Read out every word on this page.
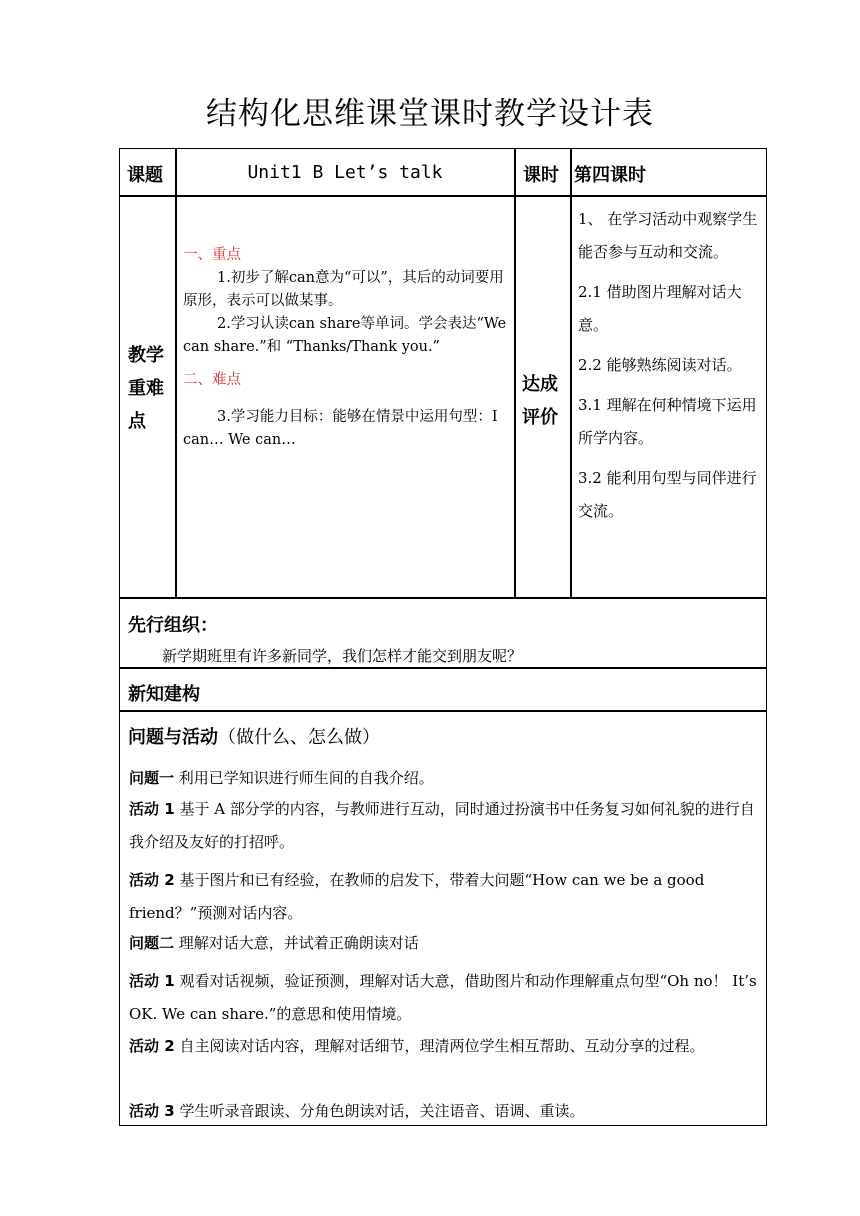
结构化思维课堂课时教学设计表
课题	Unit1 B Let’s talk	课时 第四课时
教学
重难
点
一、重点
1.初步了解can意为“可以”，其后的动词要用原形，表示可以做某事。
2.学习认读can share等单词。学会表达“We can share.”和 “Thanks/Thank you.”
二、难点
3.学习能力目标：能够在情景中运用句型：I can… We can…
达成
评价

1、 在学习活动中观察学生能否参与互动和交流。

2.1 借助图片理解对话大意。

2.2 能够熟练阅读对话。

3.1 理解在何种情境下运用所学内容。

3.2 能利用句型与同伴进行交流。

先行组织：
新学期班里有许多新同学，我们怎样才能交到朋友呢？
新知建构
问题与活动（做什么、怎么做）
问题一 利用已学知识进行师生间的自我介绍。
活动 1 基于 A 部分学的内容，与教师进行互动，同时通过扮演书中任务复习如何礼貌的进行自我介绍及友好的打招呼。
活动 2 基于图片和已有经验，在教师的启发下，带着大问题“How can we be a good friend？”预测对话内容。
问题二 理解对话大意，并试着正确朗读对话
活动 1 观看对话视频，验证预测，理解对话大意，借助图片和动作理解重点句型“Oh no！ It’s OK. We can share.”的意思和使用情境。
活动 2 自主阅读对话内容，理解对话细节，理清两位学生相互帮助、互动分享的过程。
活动 3 学生听录音跟读、分角色朗读对话，关注语音、语调、重读。
